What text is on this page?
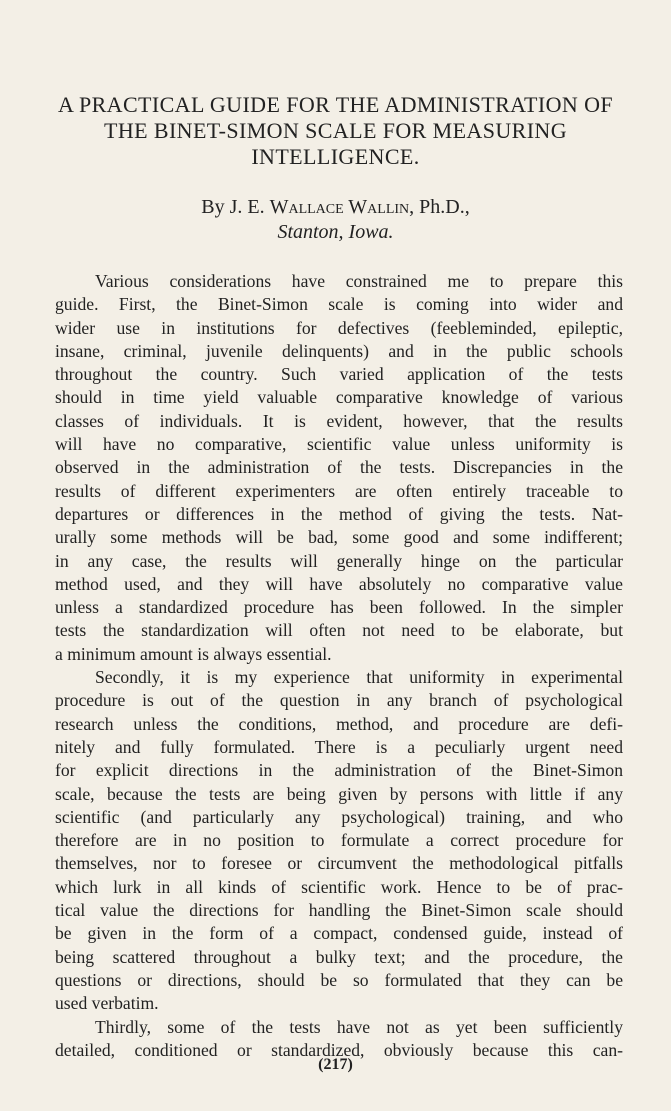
A PRACTICAL GUIDE FOR THE ADMINISTRATION OF
THE BINET-SIMON SCALE FOR MEASURING
INTELLIGENCE.
By J. E. Wallace Wallin, Ph.D.,
Stanton, Iowa.
Various considerations have constrained me to prepare this
guide. First, the Binet-Simon scale is coming into wider and
wider use in institutions for defectives (feebleminded, epileptic,
insane, criminal, juvenile delinquents) and in the public schools
throughout the country. Such varied application of the tests
should in time yield valuable comparative knowledge of various
classes of individuals. It is evident, however, that the results
will have no comparative, scientific value unless uniformity is
observed in the administration of the tests. Discrepancies in the
results of different experimenters are often entirely traceable to
departures or differences in the method of giving the tests. Nat-
urally some methods will be bad, some good and some indifferent;
in any case, the results will generally hinge on the particular
method used, and they will have absolutely no comparative value
unless a standardized procedure has been followed. In the simpler
tests the standardization will often not need to be elaborate, but
a minimum amount is always essential.
Secondly, it is my experience that uniformity in experimental
procedure is out of the question in any branch of psychological
research unless the conditions, method, and procedure are defi-
nitely and fully formulated. There is a peculiarly urgent need
for explicit directions in the administration of the Binet-Simon
scale, because the tests are being given by persons with little if any
scientific (and particularly any psychological) training, and who
therefore are in no position to formulate a correct procedure for
themselves, nor to foresee or circumvent the methodological pitfalls
which lurk in all kinds of scientific work. Hence to be of prac-
tical value the directions for handling the Binet-Simon scale should
be given in the form of a compact, condensed guide, instead of
being scattered throughout a bulky text; and the procedure, the
questions or directions, should be so formulated that they can be
used verbatim.
Thirdly, some of the tests have not as yet been sufficiently
detailed, conditioned or standardized, obviously because this can-
(217)
